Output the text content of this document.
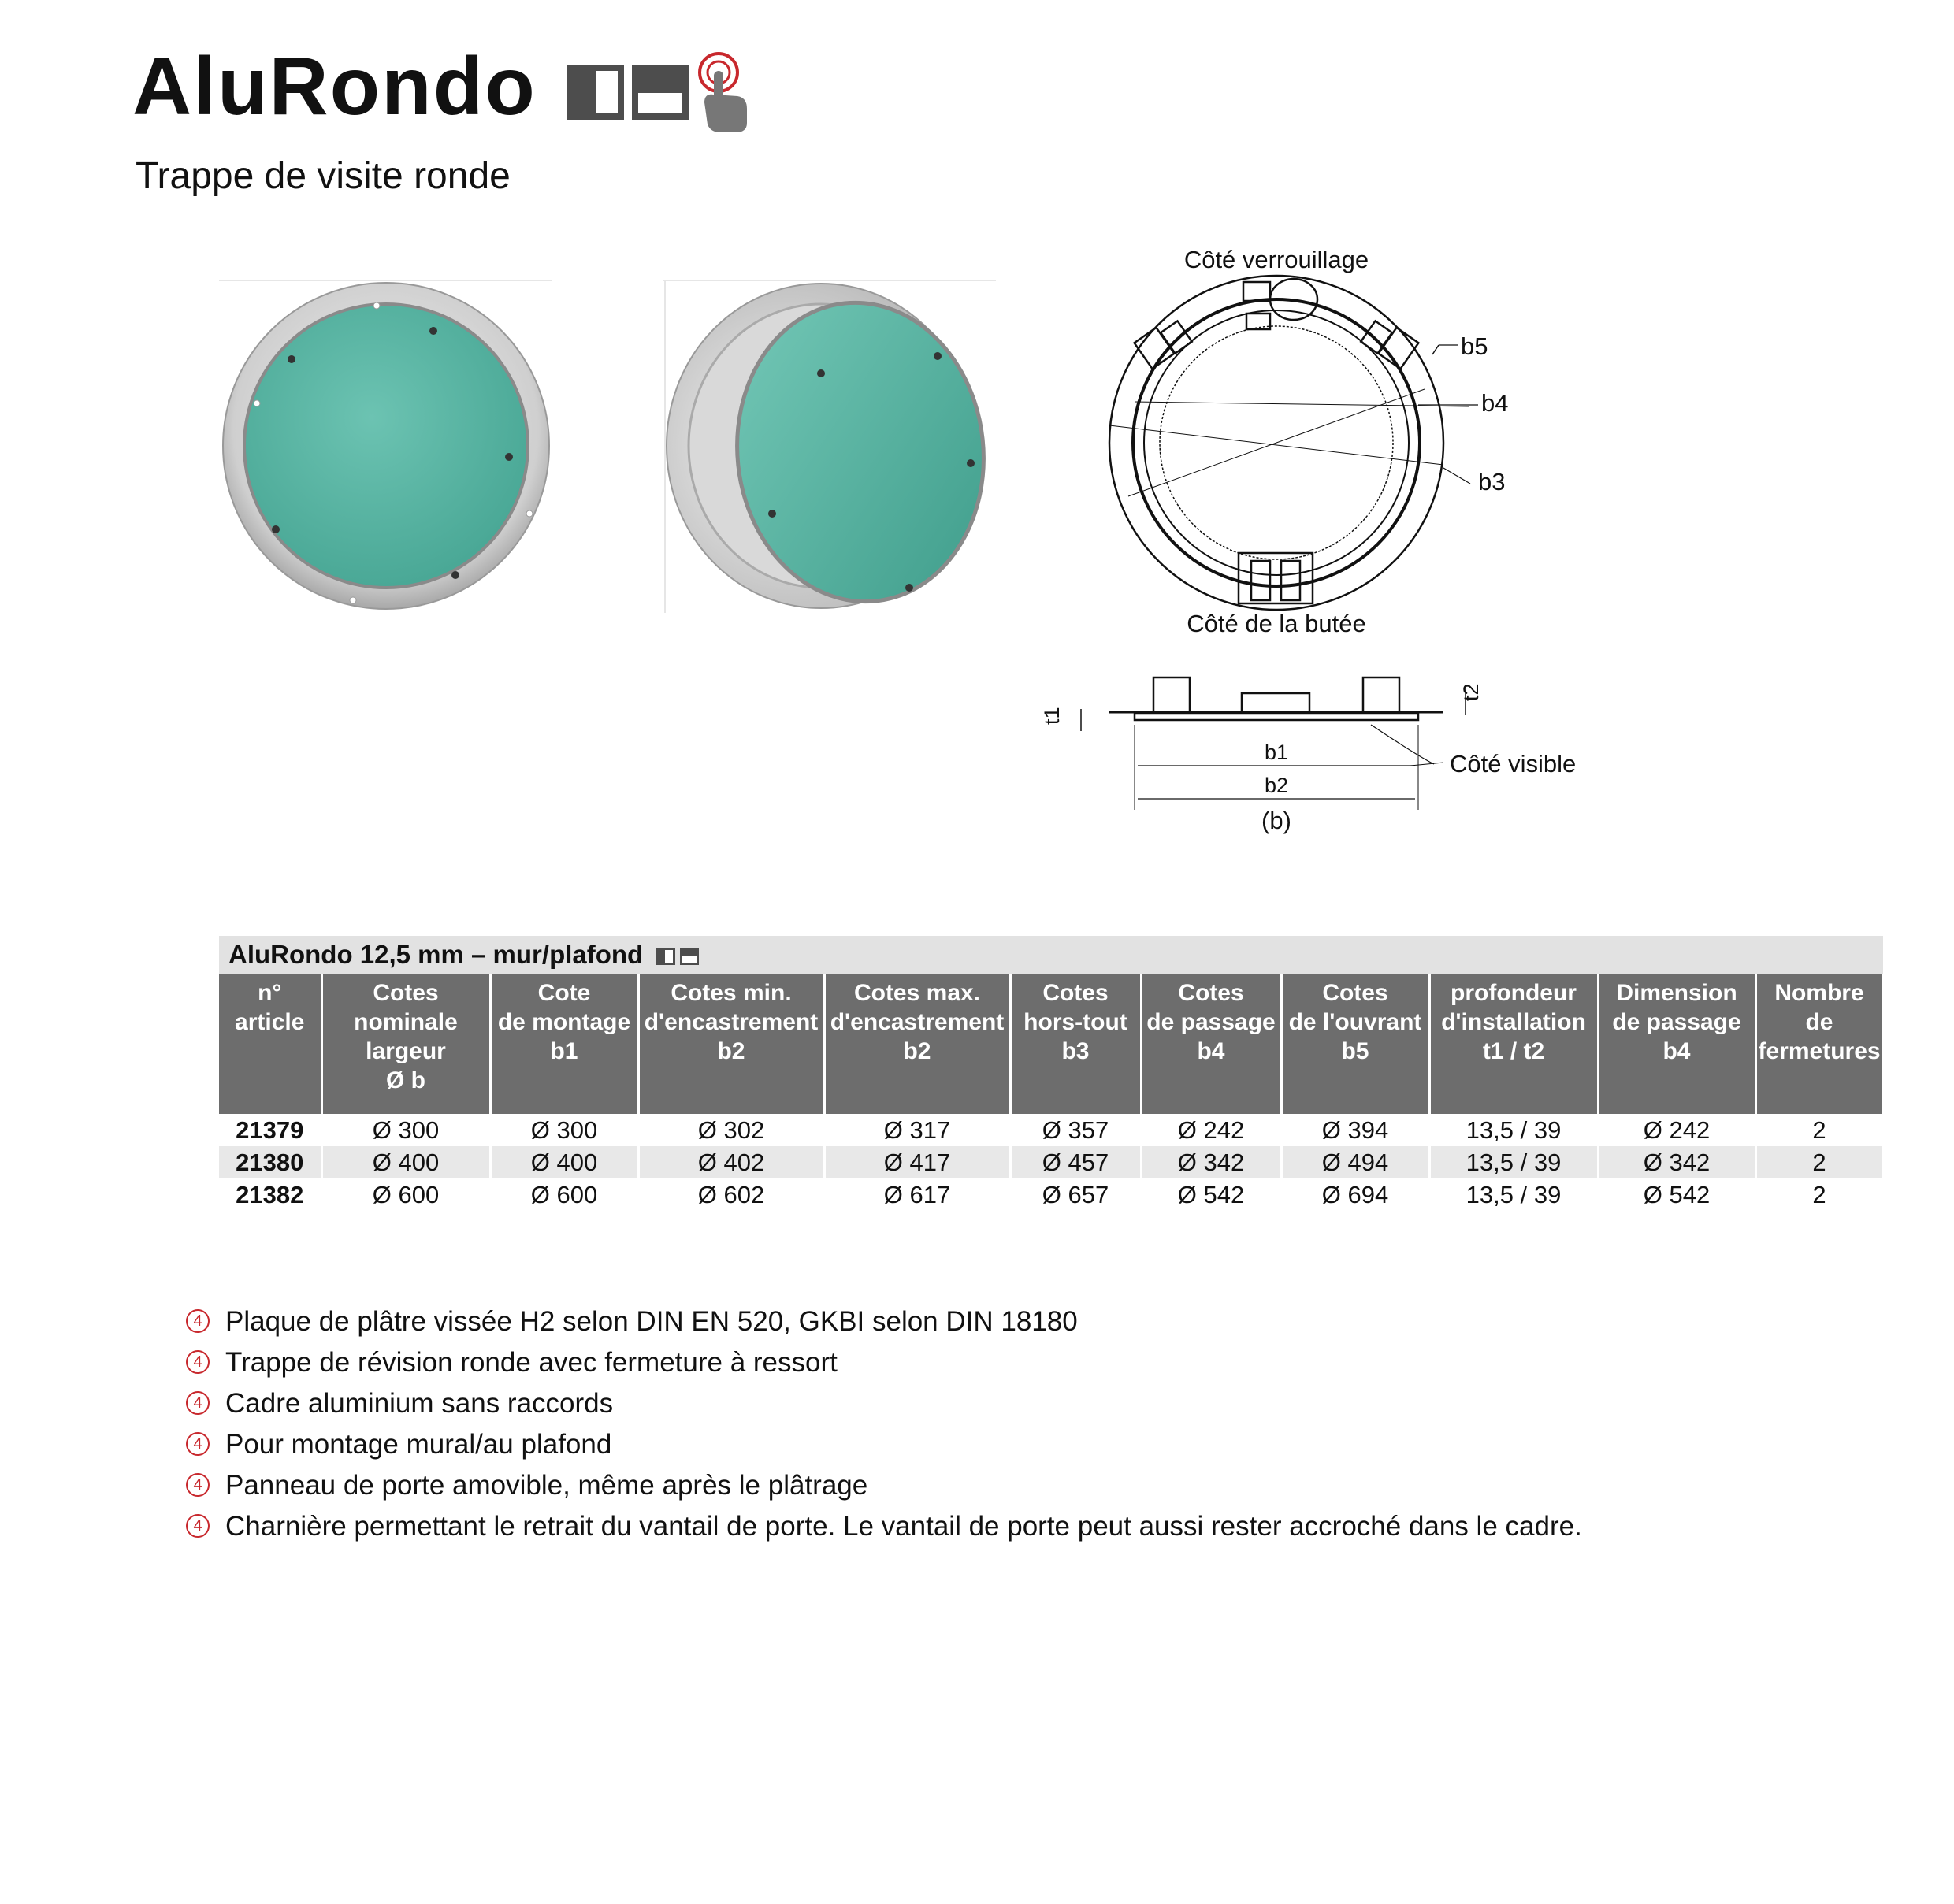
AluRondo

Trappe de visite ronde

Côté verrouillage
Côté de la butée
b5
b4
b3
t1
t2
b1
b2
Côté visible
(b)
AluRondo 12,5 mm – mur/plafond										

n°
article	Cotes
nominale
largeur
Ø b	Cote
de montage
b1	Cotes min.
d'encastrement
b2	Cotes max.
d'encastrement
b2	Cotes
hors-tout
b3	Cotes
de passage
b4	Cotes
de l'ouvrant
b5	profondeur
d'installation
t1 / t2	Dimension
de passage
b4	Nombre
de
fermetures

21379	Ø 300	Ø 300	Ø 302	Ø 317	Ø 357	Ø 242	Ø 394	13,5 / 39	Ø 242	2
21380	Ø 400	Ø 400	Ø 402	Ø 417	Ø 457	Ø 342	Ø 494	13,5 / 39	Ø 342	2
21382	Ø 600	Ø 600	Ø 602	Ø 617	Ø 657	Ø 542	Ø 694	13,5 / 39	Ø 542	2
4 Plaque de plâtre vissée H2 selon DIN EN 520, GKBI selon DIN 18180
4 Trappe de révision ronde avec fermeture à ressort
4 Cadre aluminium sans raccords
4 Pour montage mural/au plafond
4 Panneau de porte amovible, même après le plâtrage
4 Charnière permettant le retrait du vantail de porte. Le vantail de porte peut aussi rester accroché dans le cadre.
